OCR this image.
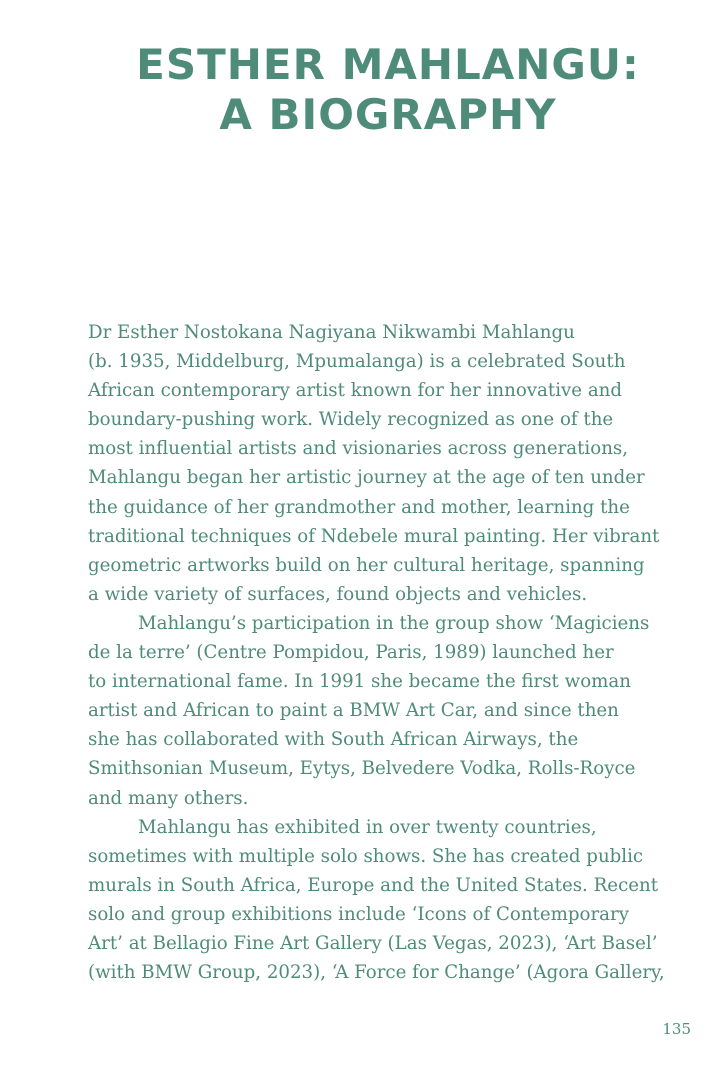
ESTHER MAHLANGU:
A BIOGRAPHY
Dr Esther Nostokana Nagiyana Nikwambi Mahlangu
(b. 1935, Middelburg, Mpumalanga) is a celebrated South
African contemporary artist known for her innovative and
boundary-pushing work. Widely recognized as one of the
most influential artists and visionaries across generations,
Mahlangu began her artistic journey at the age of ten under
the guidance of her grandmother and mother, learning the
traditional techniques of Ndebele mural painting. Her vibrant
geometric artworks build on her cultural heritage, spanning
a wide variety of surfaces, found objects and vehicles.
Mahlangu’s participation in the group show ‘Magiciens
de la terre’ (Centre Pompidou, Paris, 1989) launched her
to international fame. In 1991 she became the first woman
artist and African to paint a BMW Art Car, and since then
she has collaborated with South African Airways, the
Smithsonian Museum, Eytys, Belvedere Vodka, Rolls-Royce
and many others.
Mahlangu has exhibited in over twenty countries,
sometimes with multiple solo shows. She has created public
murals in South Africa, Europe and the United States. Recent
solo and group exhibitions include ‘Icons of Contemporary
Art’ at Bellagio Fine Art Gallery (Las Vegas, 2023), ‘Art Basel’
(with BMW Group, 2023), ‘A Force for Change’ (Agora Gallery,
135
